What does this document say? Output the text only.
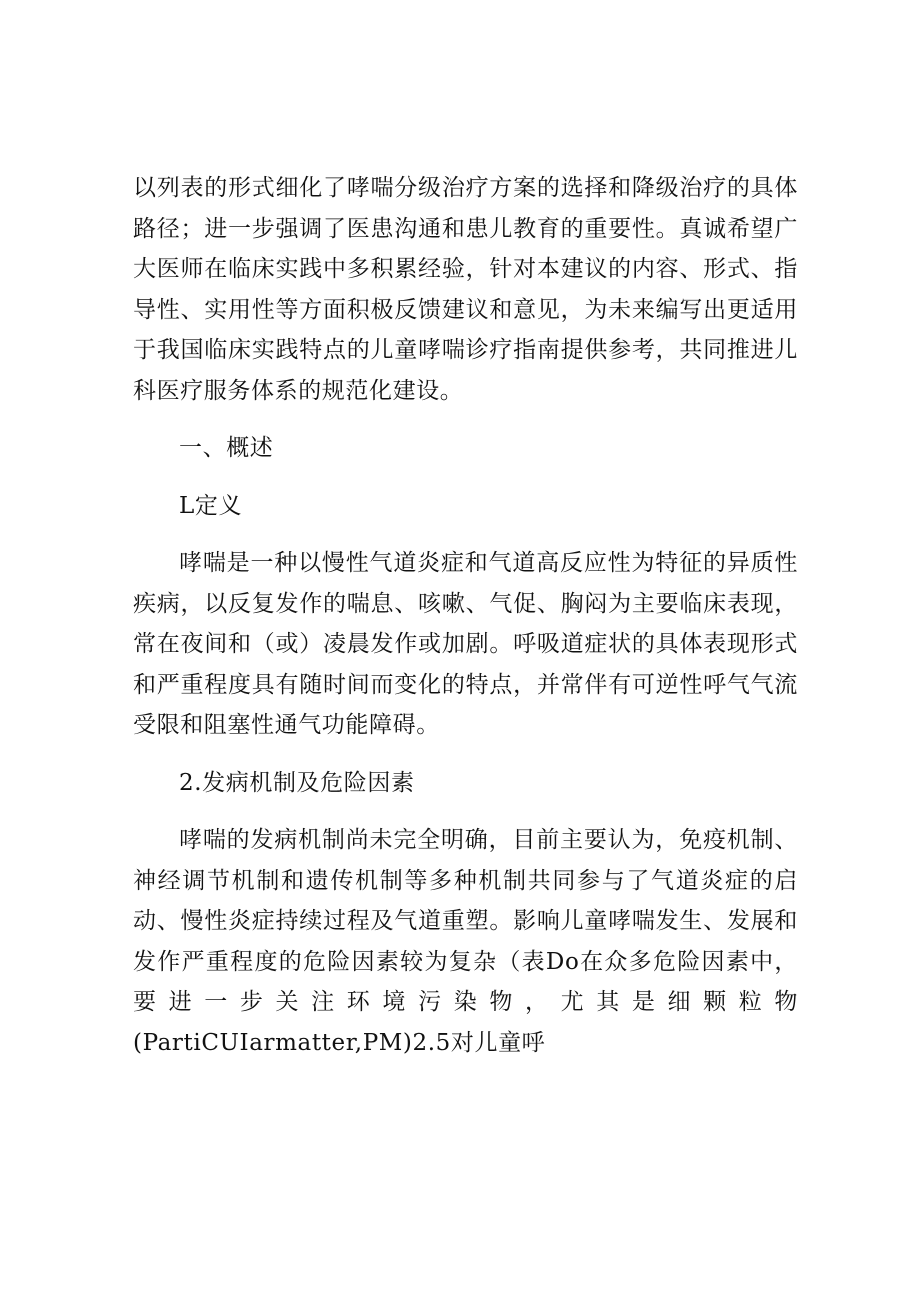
以列表的形式细化了哮喘分级治疗方案的选择和降级治疗的具体路径；进一步强调了医患沟通和患儿教育的重要性。真诚希望广大医师在临床实践中多积累经验，针对本建议的内容、形式、指导性、实用性等方面积极反馈建议和意见，为未来编写出更适用于我国临床实践特点的儿童哮喘诊疗指南提供参考，共同推进儿科医疗服务体系的规范化建设。

一、概述

L定义

哮喘是一种以慢性气道炎症和气道高反应性为特征的异质性疾病，以反复发作的喘息、咳嗽、气促、胸闷为主要临床表现，常在夜间和（或）凌晨发作或加剧。呼吸道症状的具体表现形式和严重程度具有随时间而变化的特点，并常伴有可逆性呼气气流受限和阻塞性通气功能障碍。

2.发病机制及危险因素

哮喘的发病机制尚未完全明确，目前主要认为，免疫机制、神经调节机制和遗传机制等多种机制共同参与了气道炎症的启动、慢性炎症持续过程及气道重塑。影响儿童哮喘发生、发展和发作严重程度的危险因素较为复杂（表Do在众多危险因素中，要进一步关注环境污染物，尤其是细颗粒物(PartiCUIarmatter,PM)2.5对儿童呼
